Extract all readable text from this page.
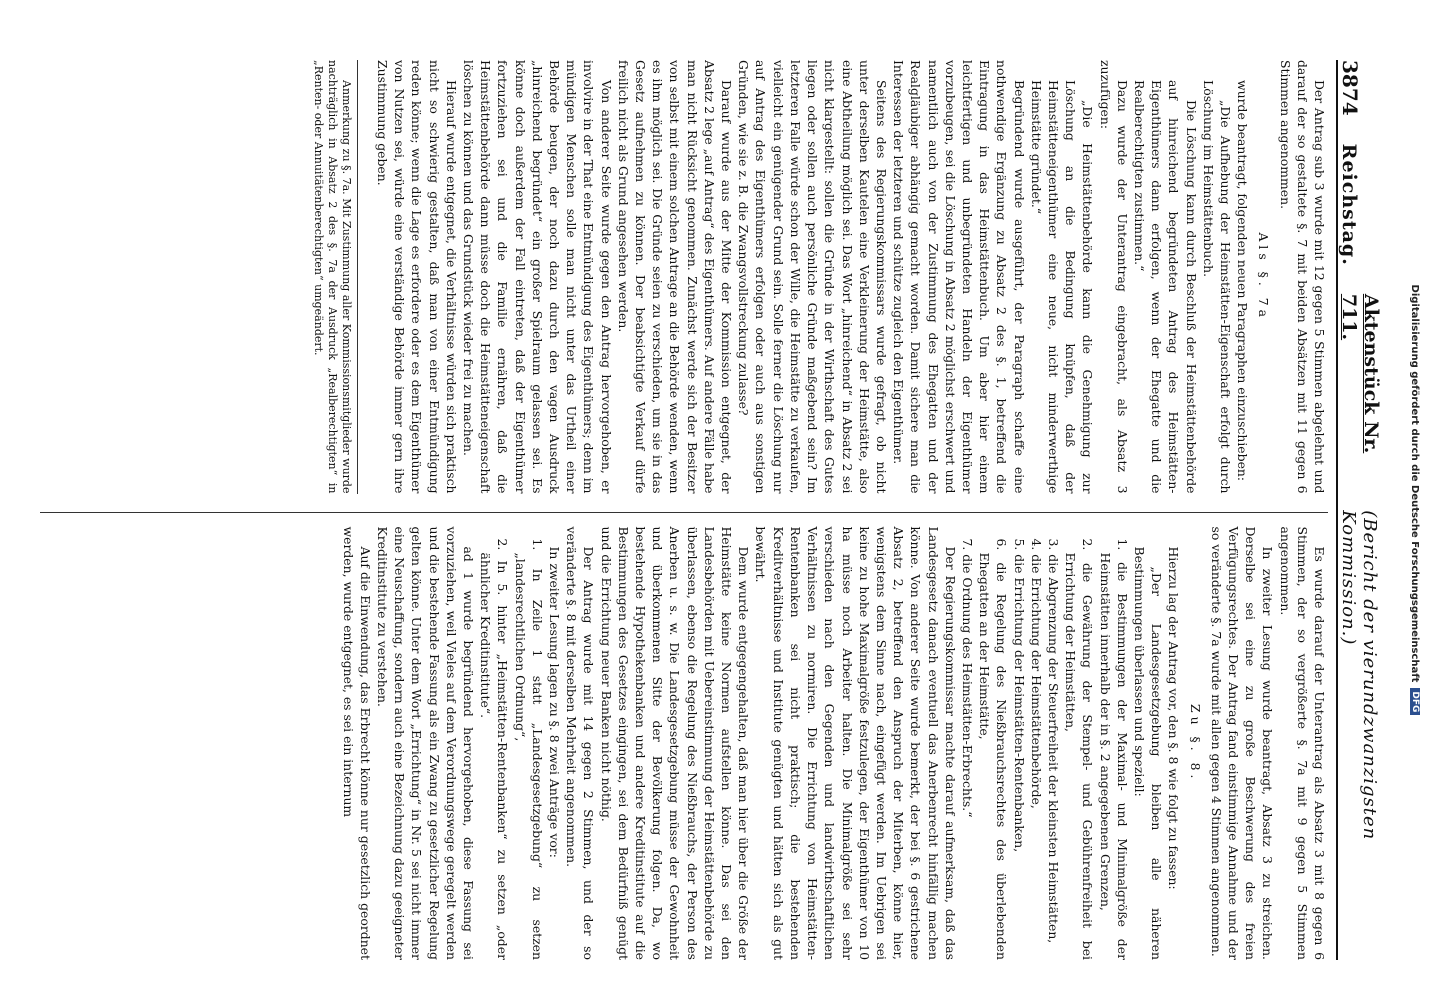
Digitalisierung gefördert durch die Deutsche Forschungsgemeinschaft
DFG
3874
Reichstag.
Aktenstück Nr. 711.
(Bericht der vierundzwanzigsten Kommission.)

Der Antrag sub 3 wurde mit 12 gegen 5 Stimmen abgelehnt und darauf der so gestaltete §. 7 mit beiden Absätzen mit 11 gegen 6 Stimmen angenommen.

Als §. 7a

wurde beantragt, folgenden neuen Paragraphen einzuschieben:

„Die Aufhebung der Heimstätten-Eigenschaft erfolgt durch Löschung im Heimstättenbuch.

Die Löschung kann durch Beschluß der Heimstättenbehörde auf hinreichend begründeten Antrag des Heimstätten-Eigenthümers dann erfolgen, wenn der Ehegatte und die Realberechtigten zustimmen.“

Dazu wurde der Unterantrag eingebracht, als Absatz 3 zuzufügen:

„Die Heimstättenbehörde kann die Genehmigung zur Löschung an die Bedingung knüpfen, daß der Heimstätteneigenthümer eine neue, nicht minderwerthige Heimstätte gründet.“

Begründend wurde ausgeführt, der Paragraph schaffe eine nothwendige Ergänzung zu Absatz 2 des §. 1, betreffend die Eintragung in das Heimstättenbuch. Um aber hier einem leichtfertigen und unbegründeten Handeln der Eigenthümer vorzubeugen, sei die Löschung in Absatz 2 möglichst erschwert und namentlich auch von der Zustimmung des Ehegatten und der Realgläubiger abhängig gemacht worden. Damit sichere man die Interessen der letzteren und schütze zugleich den Eigenthümer.

Seitens des Regierungskommissars wurde gefragt, ob nicht unter derselben Kautelen eine Verkleinerung der Heimstätte, also eine Abtheilung möglich sei. Das Wort „hinreichend“ in Absatz 2 sei nicht klargestellt: sollen die Gründe in der Wirthschaft des Gutes liegen oder sollen auch persönliche Gründe maßgebend sein? Im letzteren Falle würde schon der Wille, die Heimstätte zu verkaufen, vielleicht ein genügender Grund sein. Solle ferner die Löschung nur auf Antrag des Eigenthümers erfolgen oder auch aus sonstigen Gründen, wie sie z. B. die Zwangsvollstreckung zulasse?

Darauf wurde aus der Mitte der Kommission entgegnet, der Absatz 2 lege „auf Antrag“ des Eigenthümers. Auf andere Fälle habe man nicht Rücksicht genommen. Zunächst werde sich der Besitzer von selbst mit einem solchen Antrage an die Behörde wenden, wenn es ihm möglich sei. Die Gründe seien zu verschieden, um sie in das Gesetz aufnehmen zu können. Der beabsichtigte Verkauf dürfe freilich nicht als Grund angesehen werden.

Von anderer Seite wurde gegen den Antrag hervorgehoben, er involvire in der That eine Entmündigung des Eigenthümers; denn im mündigen Menschen solle man nicht unter das Urtheil einer Behörde beugen, der noch dazu durch den vagen Ausdruck „hinreichend begründet“ ein großer Spielraum gelassen sei. Es könne doch außerdem der Fall eintreten, daß der Eigenthümer fortzuziehen sei und die Familie ernähren, daß die Heimstättenbehörde dann müsse doch die Heimstätteneigenschaft löschen zu können und das Grundstück wieder frei zu machen.

Hierauf wurde entgegnet, die Verhältnisse würden sich praktisch nicht so schwierig gestalten, daß man von einer Entmündigung reden könne; wenn die Lage es erfordere oder es dem Eigenthümer von Nutzen sei, würde eine verständige Behörde immer gern ihre Zustimmung geben.

Anmerkung zu §. 7a. Mit Zustimmung aller Kommissionsmitglieder wurde nachträglich in Absatz 2 des §. 7a der Ausdruck „Realberechtigten“ in „Renten- oder Annuitätenberechtigten“ umgeändert.

Es wurde darauf der Unterantrag als Absatz 3 mit 8 gegen 6 Stimmen, der so vergrößerte §. 7a mit 9 gegen 5 Stimmen angenommen.

In zweiter Lesung wurde beantragt, Absatz 3 zu streichen. Derselbe sei eine zu große Beschwerung des freien Verfügungsrechtes. Der Antrag fand einstimmige Annahme und der so veränderte §. 7a wurde mit allen gegen 4 Stimmen angenommen.

Zu §. 8.

Hierzu lag der Antrag vor, den §. 8 wie folgt zu fassen:

„Der Landesgesetzgebung bleiben alle näheren Bestimmungen überlassen und speziell:

1. die Bestimmungen der Maximal- und Minimalgröße der Heimstätten innerhalb der in §. 2 angegebenen Grenzen,

2. die Gewährung der Stempel- und Gebührenfreiheit bei Errichtung der Heimstätten,

3. die Abgrenzung der Steuerfreiheit der kleinsten Heimstätten,

4. die Errichtung der Heimstättenbehörde,

5. die Errichtung der Heimstätten-Rentenbanken,

6. die Regelung des Nießbrauchsrechtes des überlebenden Ehegatten an der Heimstätte,

7. die Ordnung des Heimstätten-Erbrechts.“

Der Regierungskommissar machte darauf aufmerksam, daß das Landesgesetz danach eventuell das Anerbenrecht hinfällig machen könne. Von anderer Seite wurde bemerkt, der bei §. 6 gestrichene Absatz 2, betreffend den Anspruch der Miterben, könne hier, wenigstens dem Sinne nach, eingefügt werden. Im Uebrigen sei keine zu hohe Maximalgröße festzulegen, der Eigenthümer von 10 ha müsse noch Arbeiter halten. Die Minimalgröße sei sehr verschieden nach den Gegenden und landwirthschaftlichen Verhältnissen zu normiren. Die Errichtung von Heimstätten-Rentenbanken sei nicht praktisch; die bestehenden Kreditverhältnisse und Institute genügten und hätten sich als gut bewährt.

Dem wurde entgegengehalten, daß man hier über die Größe der Heimstätte keine Normen aufstellen könne. Das sei den Landesbehörden mit Uebereinstimmung der Heimstättenbehörde zu überlassen, ebenso die Regelung des Nießbrauchs, der Person des Anerben u. s. w. Die Landesgesetzgebung müsse der Gewohnheit und überkommenen Sitte der Bevölkerung folgen. Da, wo bestehende Hypothekenbanken und andere Kreditinstitute auf die Bestimmungen des Gesetzes eingingen, sei dem Bedürfniß genügt und die Errichtung neuer Banken nicht nöthig.

Der Antrag wurde mit 14 gegen 2 Stimmen, und der so veränderte §. 8 mit derselben Mehrheit angenommen.

In zweiter Lesung lagen zu §. 8 zwei Anträge vor:

1. In Zeile 1 statt „Landesgesetzgebung“ zu setzen „landesrechtlichen Ordnung“,

2. In 5. hinter „Heimstätten-Rentenbanken“ zu setzen „oder ähnlicher Kreditinstitute“.

ad 1 wurde begründend hervorgehoben, diese Fassung sei vorzuziehen, weil Vieles auf dem Verordnungswege geregelt werden und die bestehende Fassung als ein Zwang zu gesetzlicher Regelung gelten könne. Unter dem Wort „Errichtung“ in Nr. 5 sei nicht immer eine Neuschaffung, sondern auch eine Bezeichnung dazu geeigneter Kreditinstitute zu verstehen.

Auf die Einwendung, das Erbrecht könne nur gesetzlich geordnet werden, wurde entgegnet, es sei ein internum
